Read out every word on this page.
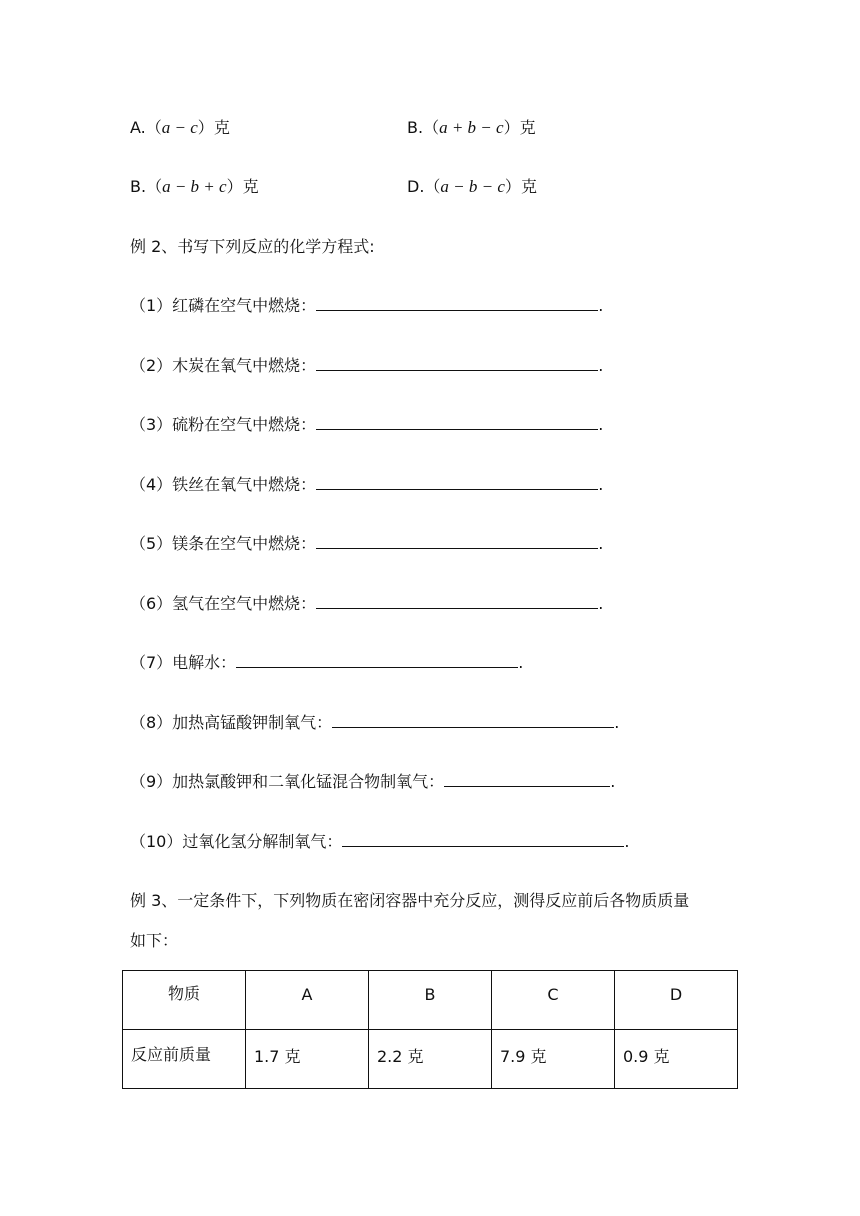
A.（a − c）克	B.（a + b − c）克
B.（a − b + c）克	D.（a − b − c）克
例 2、书写下列反应的化学方程式:
（1）红磷在空气中燃烧：	.
（2）木炭在氧气中燃烧：	.
（3）硫粉在空气中燃烧：	.
（4）铁丝在氧气中燃烧：	.
（5）镁条在空气中燃烧：	.
（6）氢气在空气中燃烧：	.
（7）电解水：	.
（8）加热高锰酸钾制氧气：	.
（9）加热氯酸钾和二氧化锰混合物制氧气：	.
（10）过氧化氢分解制氧气：	.
例 3、一定条件下，下列物质在密闭容器中充分反应，测得反应前后各物质质量
如下：
物质	A	B	C	D

反应前质量	1.7 克	2.2 克	7.9 克	0.9 克
